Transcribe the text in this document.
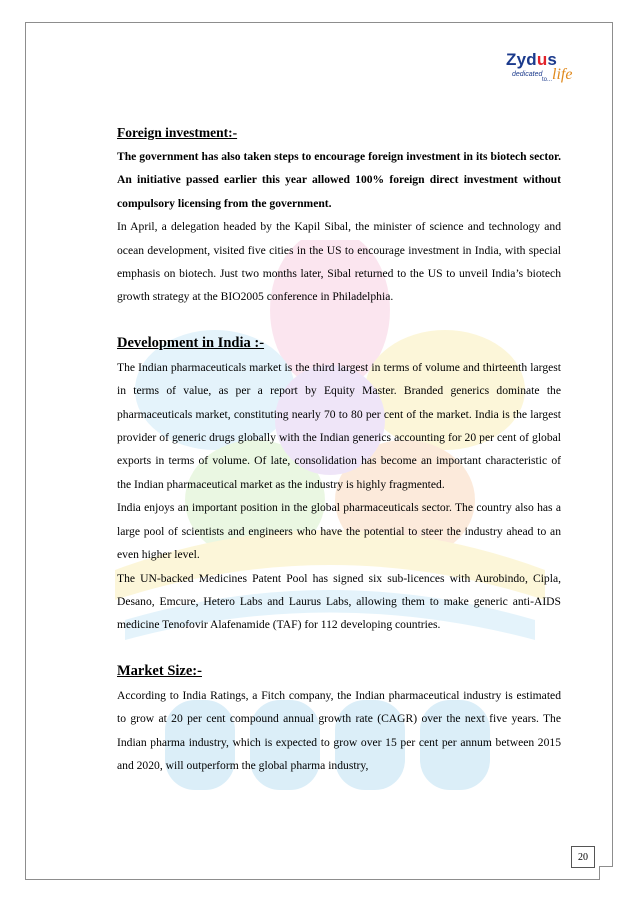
Zydus
dedicated
to... life
Foreign investment:-

The government has also taken steps to encourage foreign investment in its biotech sector. An initiative passed earlier this year allowed 100% foreign direct investment without compulsory licensing from the government.

In April, a delegation headed by the Kapil Sibal, the minister of science and technology and ocean development, visited five cities in the US to encourage investment in India, with special emphasis on biotech. Just two months later, Sibal returned to the US to unveil India’s biotech growth strategy at the BIO2005 conference in Philadelphia.

Development in India :-

The Indian pharmaceuticals market is the third largest in terms of volume and thirteenth largest in terms of value, as per a report by Equity Master. Branded generics dominate the pharmaceuticals market, constituting nearly 70 to 80 per cent of the market. India is the largest provider of generic drugs globally with the Indian generics accounting for 20 per cent of global exports in terms of volume. Of late, consolidation has become an important characteristic of the Indian pharmaceutical market as the industry is highly fragmented.

India enjoys an important position in the global pharmaceuticals sector. The country also has a large pool of scientists and engineers who have the potential to steer the industry ahead to an even higher level.

The UN-backed Medicines Patent Pool has signed six sub-licences with Aurobindo, Cipla, Desano, Emcure, Hetero Labs and Laurus Labs, allowing them to make generic anti-AIDS medicine Tenofovir Alafenamide (TAF) for 112 developing countries.

Market Size:-

According to India Ratings, a Fitch company, the Indian pharmaceutical industry is estimated to grow at 20 per cent compound annual growth rate (CAGR) over the next five years. The Indian pharma industry, which is expected to grow over 15 per cent per annum between 2015 and 2020, will outperform the global pharma industry,

20
